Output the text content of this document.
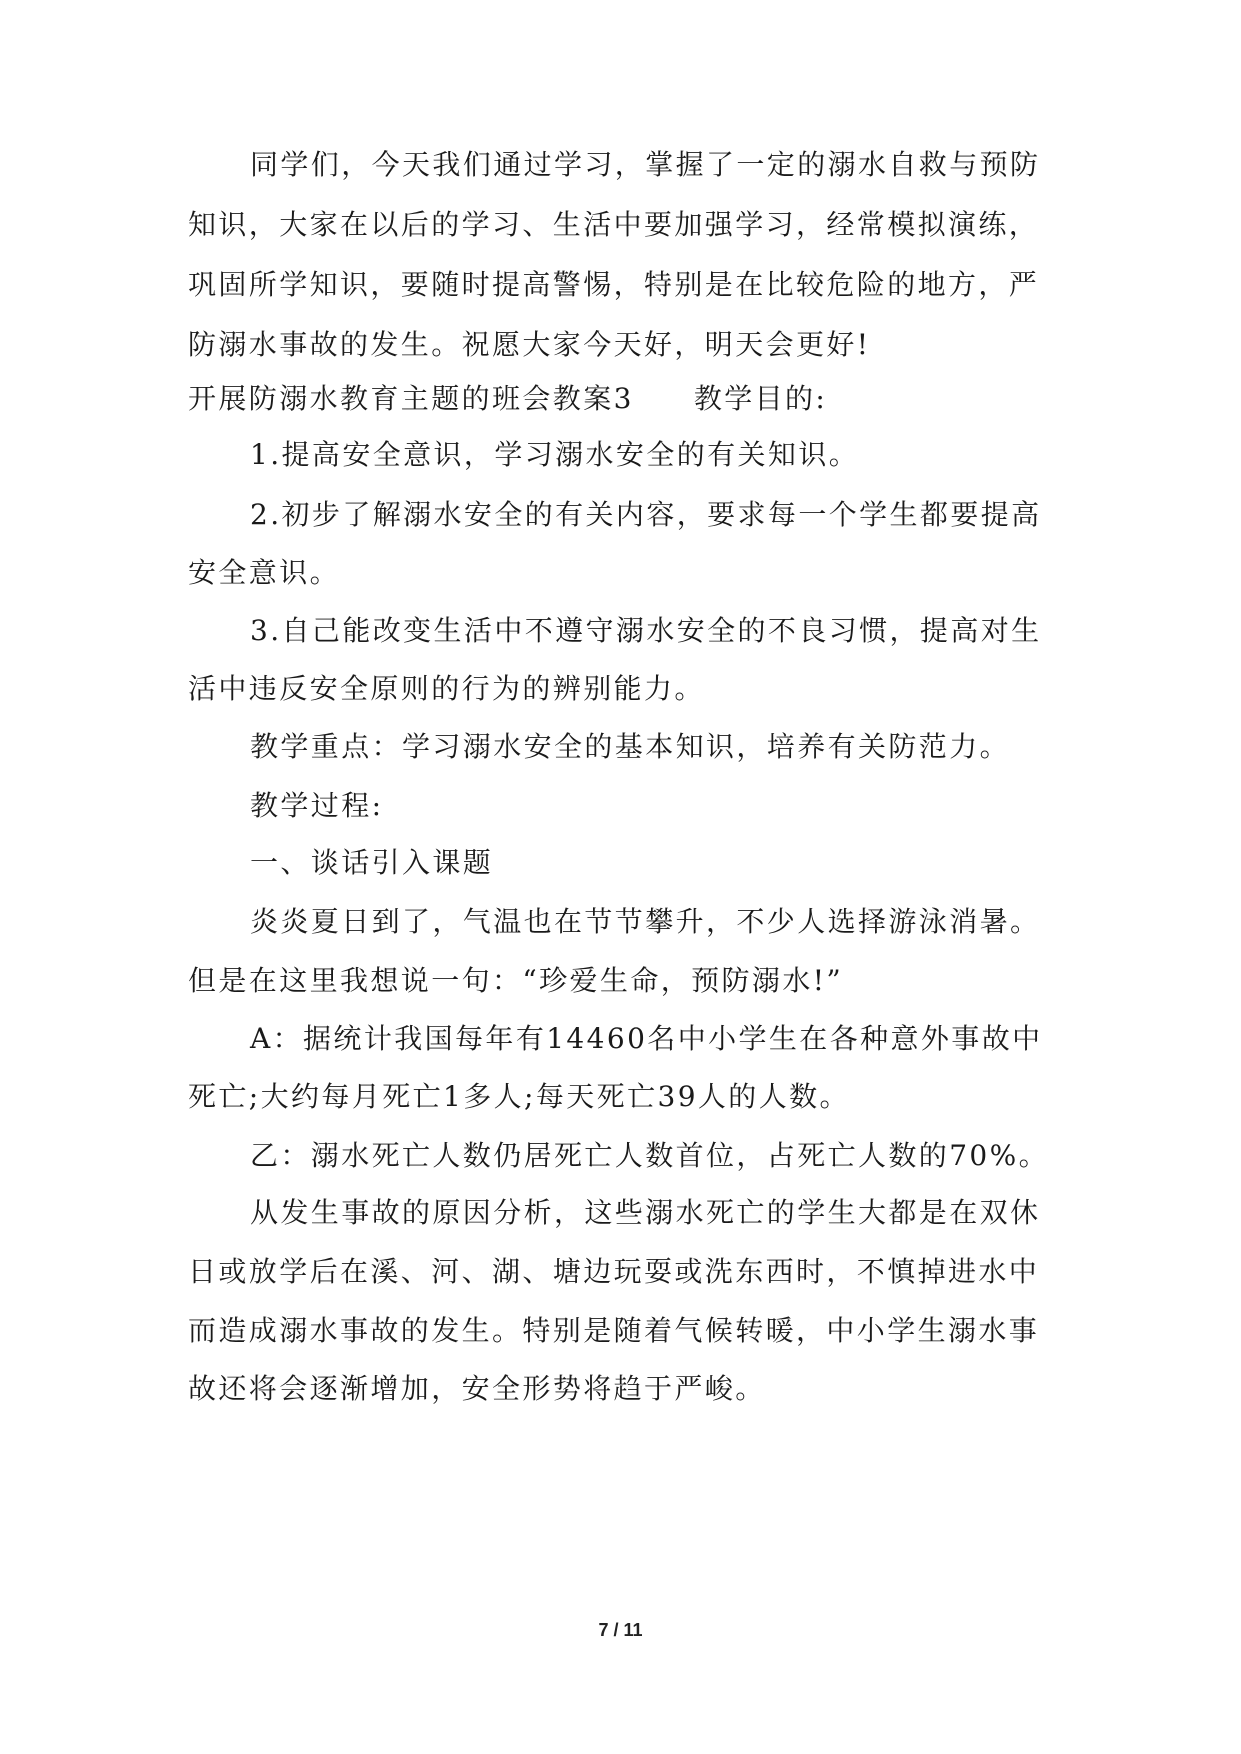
同学们，今天我们通过学习，掌握了一定的溺水自救与预防

知识，大家在以后的学习、生活中要加强学习，经常模拟演练，

巩固所学知识，要随时提高警惕，特别是在比较危险的地方，严

防溺水事故的发生。祝愿大家今天好，明天会更好!

开展防溺水教育主题的班会教案3 教学目的:

1.提高安全意识，学习溺水安全的有关知识。

2.初步了解溺水安全的有关内容，要求每一个学生都要提高

安全意识。

3.自己能改变生活中不遵守溺水安全的不良习惯，提高对生

活中违反安全原则的行为的辨别能力。

教学重点：学习溺水安全的基本知识，培养有关防范力。

教学过程:

一、谈话引入课题

炎炎夏日到了，气温也在节节攀升，不少人选择游泳消暑。

但是在这里我想说一句：“珍爱生命，预防溺水!”

A：据统计我国每年有14460名中小学生在各种意外事故中

死亡;大约每月死亡1多人;每天死亡39人的人数。

乙：溺水死亡人数仍居死亡人数首位，占死亡人数的70%。

从发生事故的原因分析，这些溺水死亡的学生大都是在双休

日或放学后在溪、河、湖、塘边玩耍或洗东西时，不慎掉进水中

而造成溺水事故的发生。特别是随着气候转暖，中小学生溺水事

故还将会逐渐增加，安全形势将趋于严峻。

7 / 11
